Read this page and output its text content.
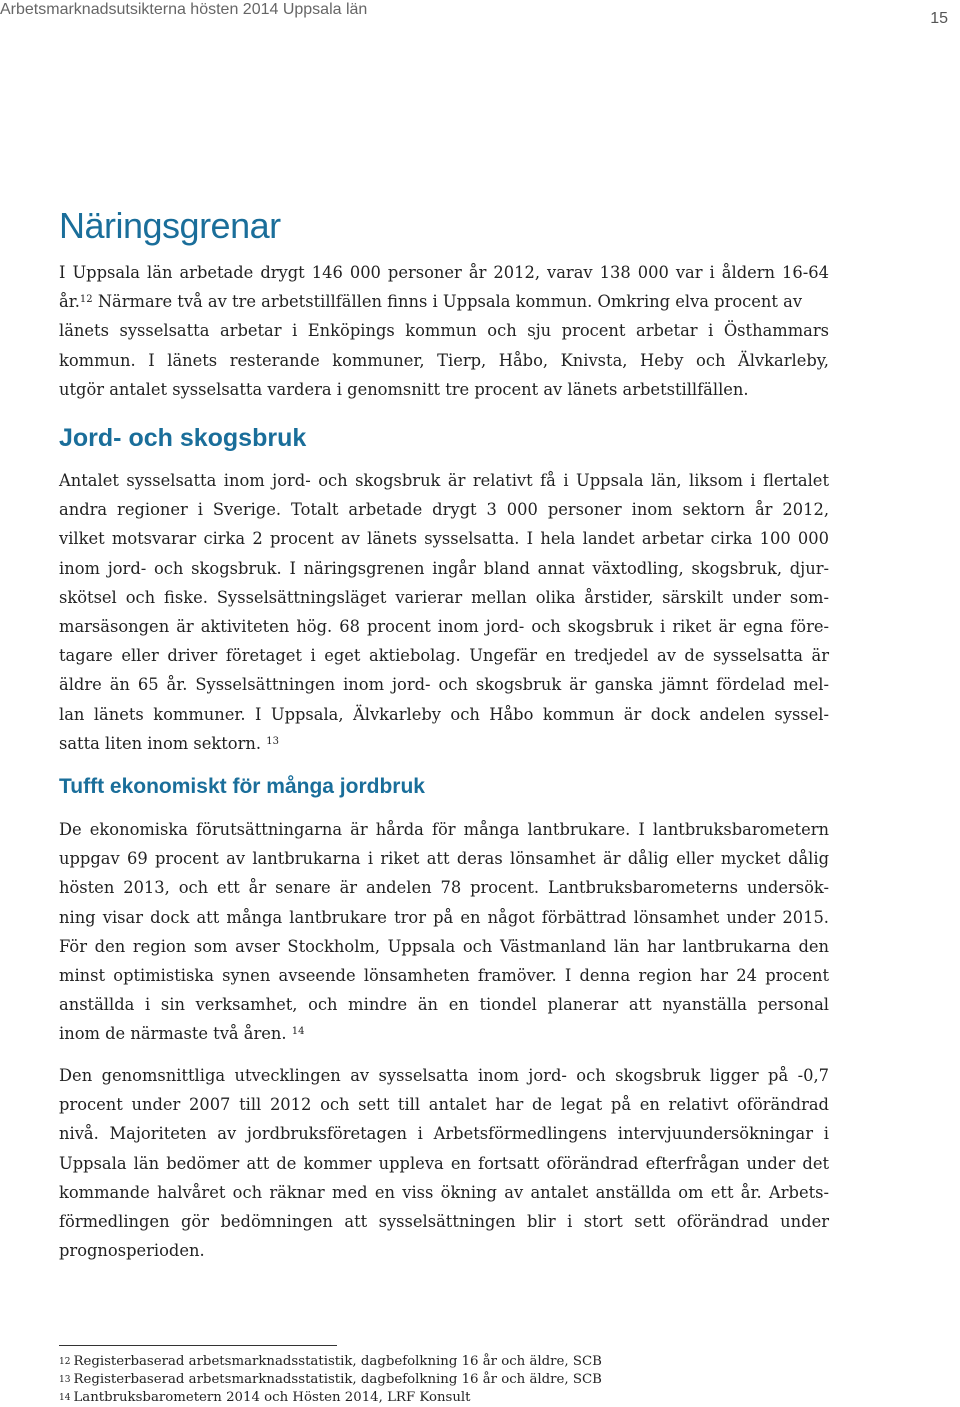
Arbetsmarknadsutsikterna hösten 2014 Uppsala län
15
Näringsgrenar
I Uppsala län arbetade drygt 146 000 personer år 2012, varav 138 000 var i åldern 16-64
år.$^{12}$ Närmare två av tre arbetstillfällen finns i Uppsala kommun. Omkring elva procent av
länets sysselsatta arbetar i Enköpings kommun och sju procent arbetar i Östhammars
kommun. I länets resterande kommuner, Tierp, Håbo, Knivsta, Heby och Älvkarleby,
utgör antalet sysselsatta vardera i genomsnitt tre procent av länets arbetstillfällen.
Jord- och skogsbruk
Antalet sysselsatta inom jord- och skogsbruk är relativt få i Uppsala län, liksom i flertalet
andra regioner i Sverige. Totalt arbetade drygt 3 000 personer inom sektorn år 2012,
vilket motsvarar cirka 2 procent av länets sysselsatta. I hela landet arbetar cirka 100 000
inom jord- och skogsbruk. I näringsgrenen ingår bland annat växtodling, skogsbruk, djur-
skötsel och fiske. Sysselsättningsläget varierar mellan olika årstider, särskilt under som-
marsäsongen är aktiviteten hög. 68 procent inom jord- och skogsbruk i riket är egna före-
tagare eller driver företaget i eget aktiebolag. Ungefär en tredjedel av de sysselsatta är
äldre än 65 år. Sysselsättningen inom jord- och skogsbruk är ganska jämnt fördelad mel-
lan länets kommuner. I Uppsala, Älvkarleby och Håbo kommun är dock andelen syssel-
satta liten inom sektorn. $^{13}$
Tufft ekonomiskt för många jordbruk
De ekonomiska förutsättningarna är hårda för många lantbrukare. I lantbruksbarometern
uppgav 69 procent av lantbrukarna i riket att deras lönsamhet är dålig eller mycket dålig
hösten 2013, och ett år senare är andelen 78 procent. Lantbruksbarometerns undersök-
ning visar dock att många lantbrukare tror på en något förbättrad lönsamhet under 2015.
För den region som avser Stockholm, Uppsala och Västmanland län har lantbrukarna den
minst optimistiska synen avseende lönsamheten framöver. I denna region har 24 procent
anställda i sin verksamhet, och mindre än en tiondel planerar att nyanställa personal
inom de närmaste två åren. $^{14}$
Den genomsnittliga utvecklingen av sysselsatta inom jord- och skogsbruk ligger på -0,7
procent under 2007 till 2012 och sett till antalet har de legat på en relativt oförändrad
nivå. Majoriteten av jordbruksföretagen i Arbetsförmedlingens intervjuundersökningar i
Uppsala län bedömer att de kommer uppleva en fortsatt oförändrad efterfrågan under det
kommande halvåret och räknar med en viss ökning av antalet anställda om ett år. Arbets-
förmedlingen gör bedömningen att sysselsättningen blir i stort sett oförändrad under
prognosperioden.
12 Registerbaserad arbetsmarknadsstatistik, dagbefolkning 16 år och äldre, SCB
13 Registerbaserad arbetsmarknadsstatistik, dagbefolkning 16 år och äldre, SCB
14 Lantbruksbarometern 2014 och Hösten 2014, LRF Konsult
